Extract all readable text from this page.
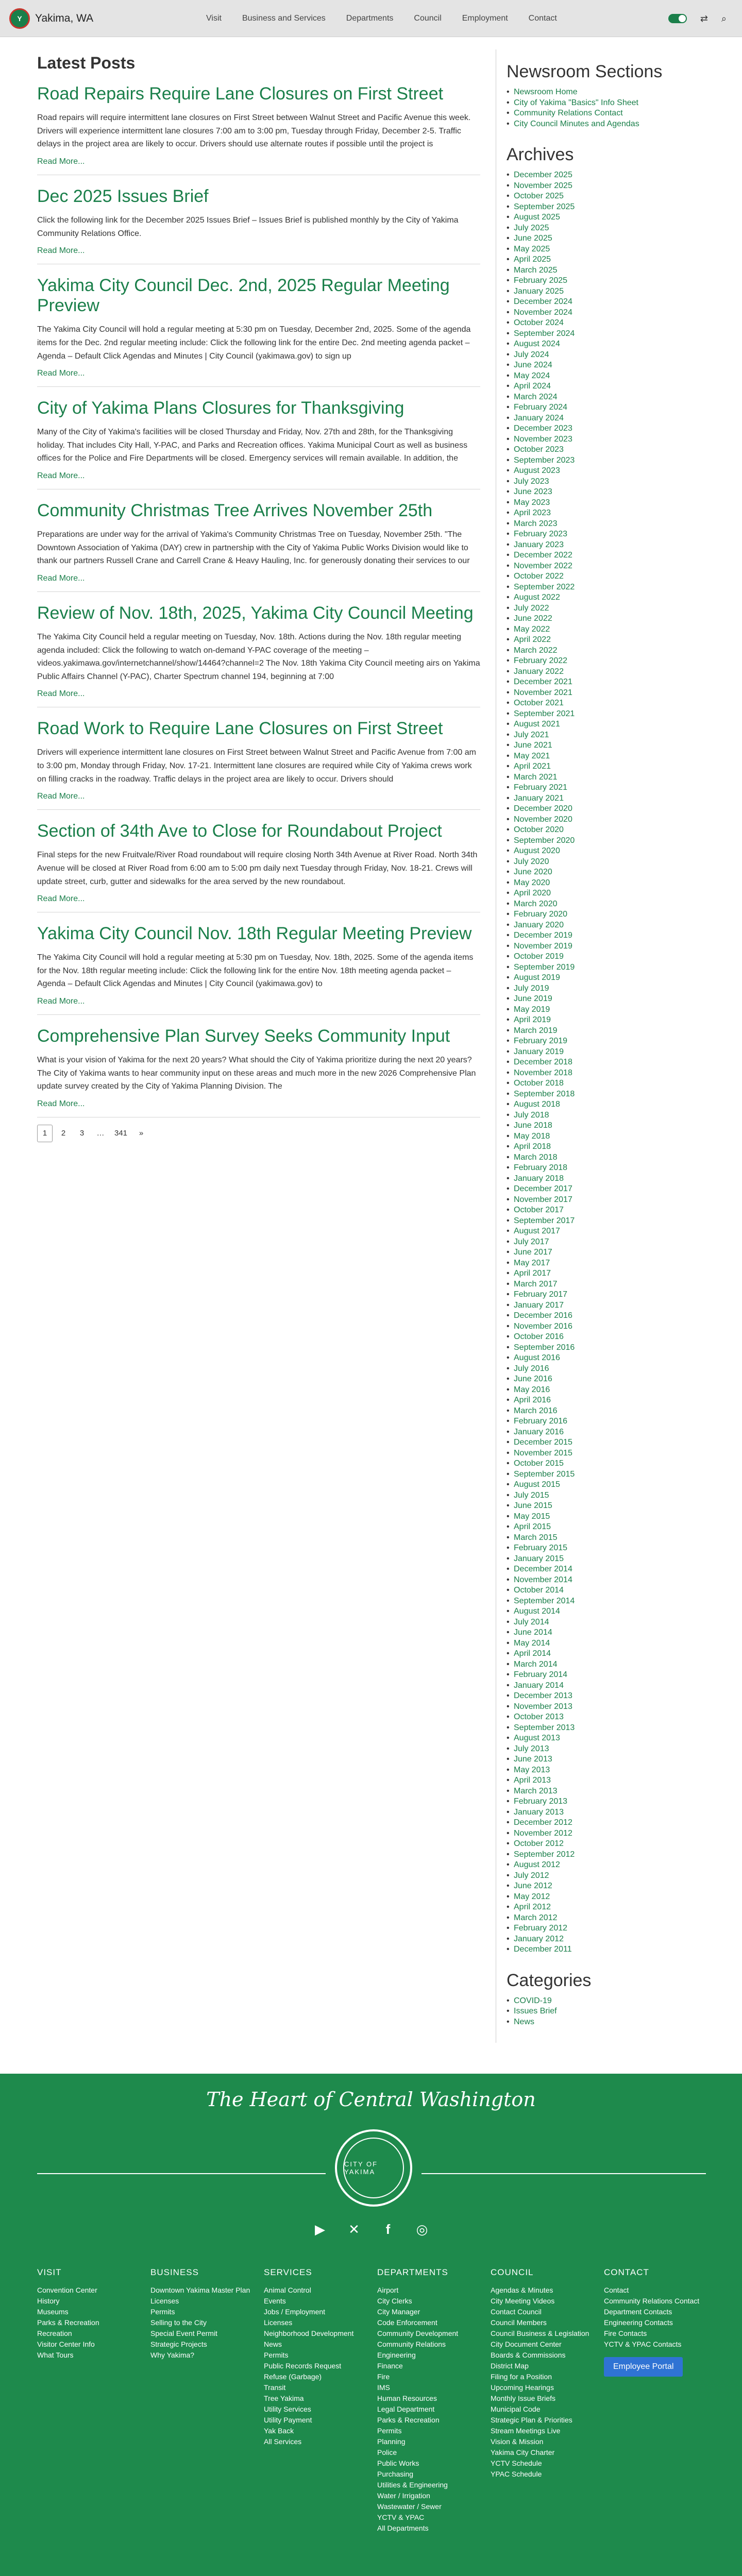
Y	Yakima, WA	Visit	Business and Services	Departments	Council	Employment	Contact	⇄ ⌕
Latest Posts
Road Repairs Require Lane Closures on First Street

Road repairs will require intermittent lane closures on First Street between Walnut Street and Pacific Avenue this week. Drivers will experience intermittent lane closures 7:00 am to 3:00 pm, Tuesday through Friday, December 2-5. Traffic delays in the project area are likely to occur. Drivers should use alternate routes if possible until the project is

Read More...
Dec 2025 Issues Brief

Click the following link for the December 2025 Issues Brief – Issues Brief is published monthly by the City of Yakima Community Relations Office.

Read More...
Yakima City Council Dec. 2nd, 2025 Regular Meeting Preview

The Yakima City Council will hold a regular meeting at 5:30 pm on Tuesday, December 2nd, 2025. Some of the agenda items for the Dec. 2nd regular meeting include: Click the following link for the entire Dec. 2nd meeting agenda packet – Agenda – Default Click Agendas and Minutes | City Council (yakimawa.gov) to sign up

Read More...
City of Yakima Plans Closures for Thanksgiving

Many of the City of Yakima's facilities will be closed Thursday and Friday, Nov. 27th and 28th, for the Thanksgiving holiday. That includes City Hall, Y-PAC, and Parks and Recreation offices. Yakima Municipal Court as well as business offices for the Police and Fire Departments will be closed. Emergency services will remain available. In addition, the

Read More...
Community Christmas Tree Arrives November 25th

Preparations are under way for the arrival of Yakima's Community Christmas Tree on Tuesday, November 25th. "The Downtown Association of Yakima (DAY) crew in partnership with the City of Yakima Public Works Division would like to thank our partners Russell Crane and Carrell Crane & Heavy Hauling, Inc. for generously donating their services to our

Read More...
Review of Nov. 18th, 2025, Yakima City Council Meeting

The Yakima City Council held a regular meeting on Tuesday, Nov. 18th. Actions during the Nov. 18th regular meeting agenda included: Click the following to watch on-demand Y-PAC coverage of the meeting – videos.yakimawa.gov/internetchannel/show/14464?channel=2 The Nov. 18th Yakima City Council meeting airs on Yakima Public Affairs Channel (Y-PAC), Charter Spectrum channel 194, beginning at 7:00

Read More...
Road Work to Require Lane Closures on First Street

Drivers will experience intermittent lane closures on First Street between Walnut Street and Pacific Avenue from 7:00 am to 3:00 pm, Monday through Friday, Nov. 17-21. Intermittent lane closures are required while City of Yakima crews work on filling cracks in the roadway. Traffic delays in the project area are likely to occur. Drivers should

Read More...
Section of 34th Ave to Close for Roundabout Project

Final steps for the new Fruitvale/River Road roundabout will require closing North 34th Avenue at River Road. North 34th Avenue will be closed at River Road from 6:00 am to 5:00 pm daily next Tuesday through Friday, Nov. 18-21. Crews will update street, curb, gutter and sidewalks for the area served by the new roundabout.

Read More...
Yakima City Council Nov. 18th Regular Meeting Preview

The Yakima City Council will hold a regular meeting at 5:30 pm on Tuesday, Nov. 18th, 2025. Some of the agenda items for the Nov. 18th regular meeting include: Click the following link for the entire Nov. 18th meeting agenda packet – Agenda – Default Click Agendas and Minutes | City Council (yakimawa.gov) to

Read More...
Comprehensive Plan Survey Seeks Community Input

What is your vision of Yakima for the next 20 years? What should the City of Yakima prioritize during the next 20 years? The City of Yakima wants to hear community input on these areas and much more in the new 2026 Comprehensive Plan update survey created by the City of Yakima Planning Division. The

Read More...
1	2	3	…	341	»
Newsroom Sections
• Newsroom Home
• City of Yakima "Basics" Info Sheet
• Community Relations Contact
• City Council Minutes and Agendas
Archives
• December 2025
• November 2025
• October 2025
• September 2025
• August 2025
• July 2025
• June 2025
• May 2025
• April 2025
• March 2025
• February 2025
• January 2025
• December 2024
• November 2024
• October 2024
• September 2024
• August 2024
• July 2024
• June 2024
• May 2024
• April 2024
• March 2024
• February 2024
• January 2024
• December 2023
• November 2023
• October 2023
• September 2023
• August 2023
• July 2023
• June 2023
• May 2023
• April 2023
• March 2023
• February 2023
• January 2023
• December 2022
• November 2022
• October 2022
• September 2022
• August 2022
• July 2022
• June 2022
• May 2022
• April 2022
• March 2022
• February 2022
• January 2022
• December 2021
• November 2021
• October 2021
• September 2021
• August 2021
• July 2021
• June 2021
• May 2021
• April 2021
• March 2021
• February 2021
• January 2021
• December 2020
• November 2020
• October 2020
• September 2020
• August 2020
• July 2020
• June 2020
• May 2020
• April 2020
• March 2020
• February 2020
• January 2020
• December 2019
• November 2019
• October 2019
• September 2019
• August 2019
• July 2019
• June 2019
• May 2019
• April 2019
• March 2019
• February 2019
• January 2019
• December 2018
• November 2018
• October 2018
• September 2018
• August 2018
• July 2018
• June 2018
• May 2018
• April 2018
• March 2018
• February 2018
• January 2018
• December 2017
• November 2017
• October 2017
• September 2017
• August 2017
• July 2017
• June 2017
• May 2017
• April 2017
• March 2017
• February 2017
• January 2017
• December 2016
• November 2016
• October 2016
• September 2016
• August 2016
• July 2016
• June 2016
• May 2016
• April 2016
• March 2016
• February 2016
• January 2016
• December 2015
• November 2015
• October 2015
• September 2015
• August 2015
• July 2015
• June 2015
• May 2015
• April 2015
• March 2015
• February 2015
• January 2015
• December 2014
• November 2014
• October 2014
• September 2014
• August 2014
• July 2014
• June 2014
• May 2014
• April 2014
• March 2014
• February 2014
• January 2014
• December 2013
• November 2013
• October 2013
• September 2013
• August 2013
• July 2013
• June 2013
• May 2013
• April 2013
• March 2013
• February 2013
• January 2013
• December 2012
• November 2012
• October 2012
• September 2012
• August 2012
• July 2012
• June 2012
• May 2012
• April 2012
• March 2012
• February 2012
• January 2012
• December 2011
Categories
• COVID-19
• Issues Brief
• News
The Heart of Central Washington
CITY OF YAKIMA
▶	✕	f	◎
VISIT
Convention Center
History
Museums
Parks & Recreation
Recreation
Visitor Center Info
What Tours
BUSINESS
Downtown Yakima Master Plan
Licenses
Permits
Selling to the City
Special Event Permit
Strategic Projects
Why Yakima?
SERVICES
Animal Control
Events
Jobs / Employment
Licenses
Neighborhood Development
News
Permits
Public Records Request
Refuse (Garbage)
Transit
Tree Yakima
Utility Services
Utility Payment
Yak Back
All Services
DEPARTMENTS
Airport
City Clerks
City Manager
Code Enforcement
Community Development
Community Relations
Engineering
Finance
Fire
IMS
Human Resources
Legal Department
Parks & Recreation
Permits
Planning
Police
Public Works
Purchasing
Utilities & Engineering
Water / Irrigation
Wastewater / Sewer
YCTV & YPAC
All Departments
COUNCIL
Agendas & Minutes
City Meeting Videos
Contact Council
Council Members
Council Business & Legislation
City Document Center
Boards & Commissions
District Map
Filing for a Position
Upcoming Hearings
Monthly Issue Briefs
Municipal Code
Strategic Plan & Priorities
Stream Meetings Live
Vision & Mission
Yakima City Charter
YCTV Schedule
YPAC Schedule
CONTACT
Contact
Community Relations Contact
Department Contacts
Engineering Contacts
Fire Contacts
YCTV & YPAC Contacts
Employee Portal
